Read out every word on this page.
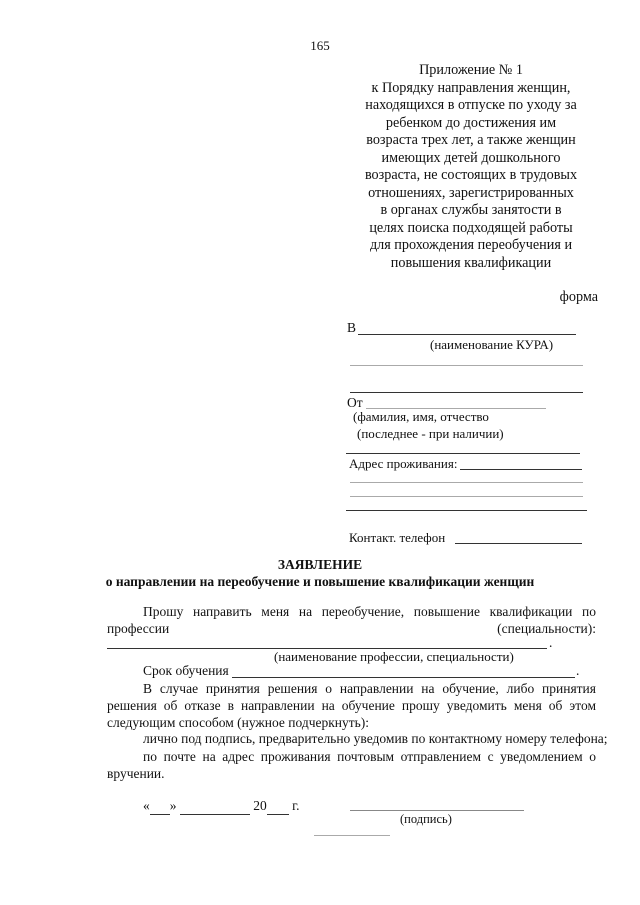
165
Приложение № 1
к Порядку направления женщин,
находящихся в отпуске по уходу за
ребенком до достижения им
возраста трех лет, а также женщин
имеющих детей дошкольного
возраста, не состоящих в трудовых
отношениях, зарегистрированных
в органах службы занятости в
целях поиска подходящей работы
для прохождения переобучения и
повышения квалификации
форма
В
(наименование КУРА)
От
(фамилия, имя, отчество
(последнее - при наличии)
Адрес проживания:
Контакт. телефон
ЗАЯВЛЕНИЕ
о направлении на переобучение и повышение квалификации женщин
Прошу направить меня на переобучение, повышение квалификации по
профессии	(специальности):
.
(наименование профессии, специальности)
Срок обучения	.
В случае принятия решения о направлении на обучение, либо принятия решения об отказе в направлении на обучение прошу уведомить меня об этом следующим способом (нужное подчеркнуть):
лично под подпись, предварительно уведомив по контактному номеру телефона;
по почте на адрес проживания почтовым отправлением с уведомлением о вручении.
« »	20 г.
(подпись)
